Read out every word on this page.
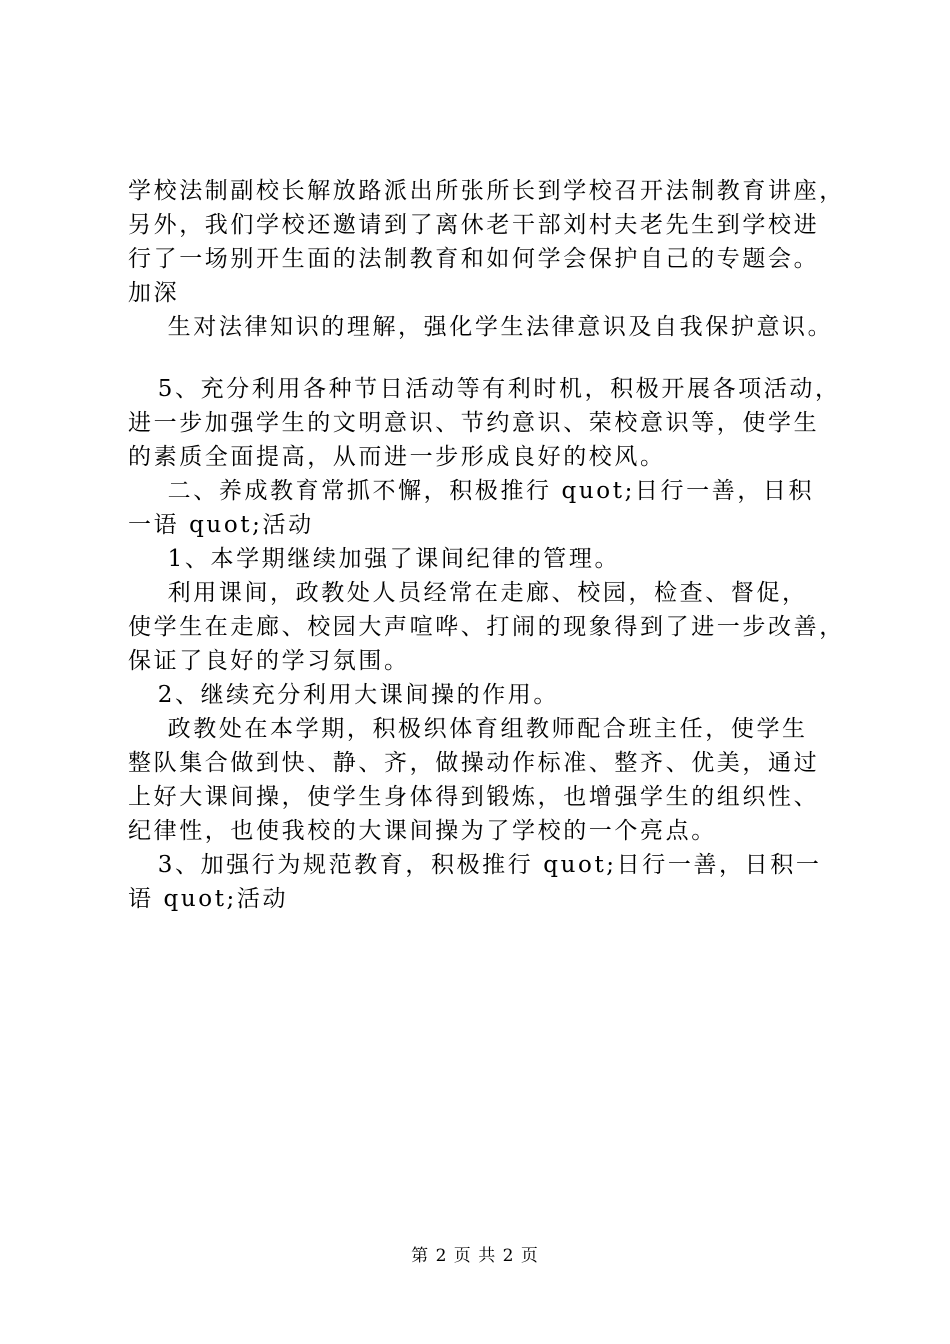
学校法制副校长解放路派出所张所长到学校召开法制教育讲座，
另外，我们学校还邀请到了离休老干部刘村夫老先生到学校进
行了一场别开生面的法制教育和如何学会保护自己的专题会。
加深
生对法律知识的理解，强化学生法律意识及自我保护意识。
5、充分利用各种节日活动等有利时机，积极开展各项活动，
进一步加强学生的文明意识、节约意识、荣校意识等，使学生
的素质全面提高，从而进一步形成良好的校风。
二、养成教育常抓不懈，积极推行 quot;日行一善，日积
一语 quot;活动
1、本学期继续加强了课间纪律的管理。
利用课间，政教处人员经常在走廊、校园，检查、督促，
使学生在走廊、校园大声喧哗、打闹的现象得到了进一步改善，
保证了良好的学习氛围。
2、继续充分利用大课间操的作用。
政教处在本学期，积极织体育组教师配合班主任，使学生
整队集合做到快、静、齐，做操动作标准、整齐、优美，通过
上好大课间操，使学生身体得到锻炼，也增强学生的组织性、
纪律性，也使我校的大课间操为了学校的一个亮点。
3、加强行为规范教育，积极推行 quot;日行一善，日积一
语 quot;活动
第 2 页 共 2 页
